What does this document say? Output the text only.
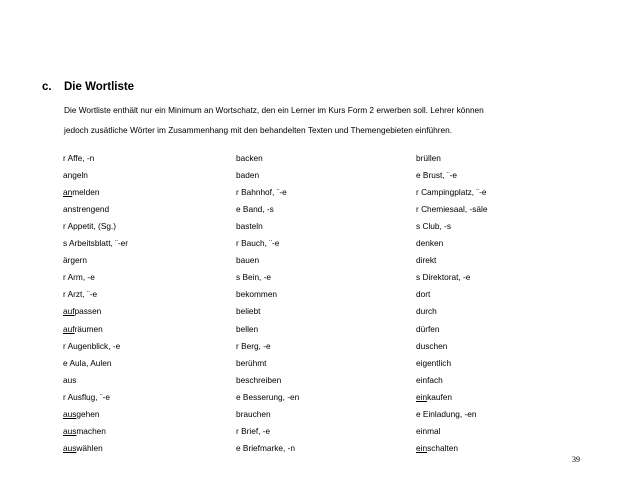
c. Die Wortliste
Die Wortliste enthält nur ein Minimum an Wortschatz, den ein Lerner im Kurs Form 2 erwerben soll. Lehrer können
jedoch zusätliche Wörter im Zusammenhang mit den behandelten Texten und Themengebieten einführen.
r Affe, -n
angeln
anmelden
anstrengend
r Appetit, (Sg.)
s Arbeitsblatt, ¨-er
ärgern
r Arm, -e
r Arzt, ¨-e
aufpassen
aufräumen
r Augenblick, -e
e Aula, Aulen
aus
r Ausflug, ¨-e
ausgehen
ausmachen
auswählen
backen
baden
r Bahnhof, ¨-e
e Band, -s
basteln
r Bauch, ¨-e
bauen
s Bein, -e
bekommen
beliebt
bellen
r Berg, -e
berühmt
beschreiben
e Besserung, -en
brauchen
r Brief, -e
e Briefmarke, -n
brüllen
e Brust, ¨-e
r Campingplatz, ¨-e
r Chemiesaal, -säle
s Club, -s
denken
direkt
s Direktorat, -e
dort
durch
dürfen
duschen
eigentlich
einfach
einkaufen
e Einladung, -en
einmal
einschalten
39
